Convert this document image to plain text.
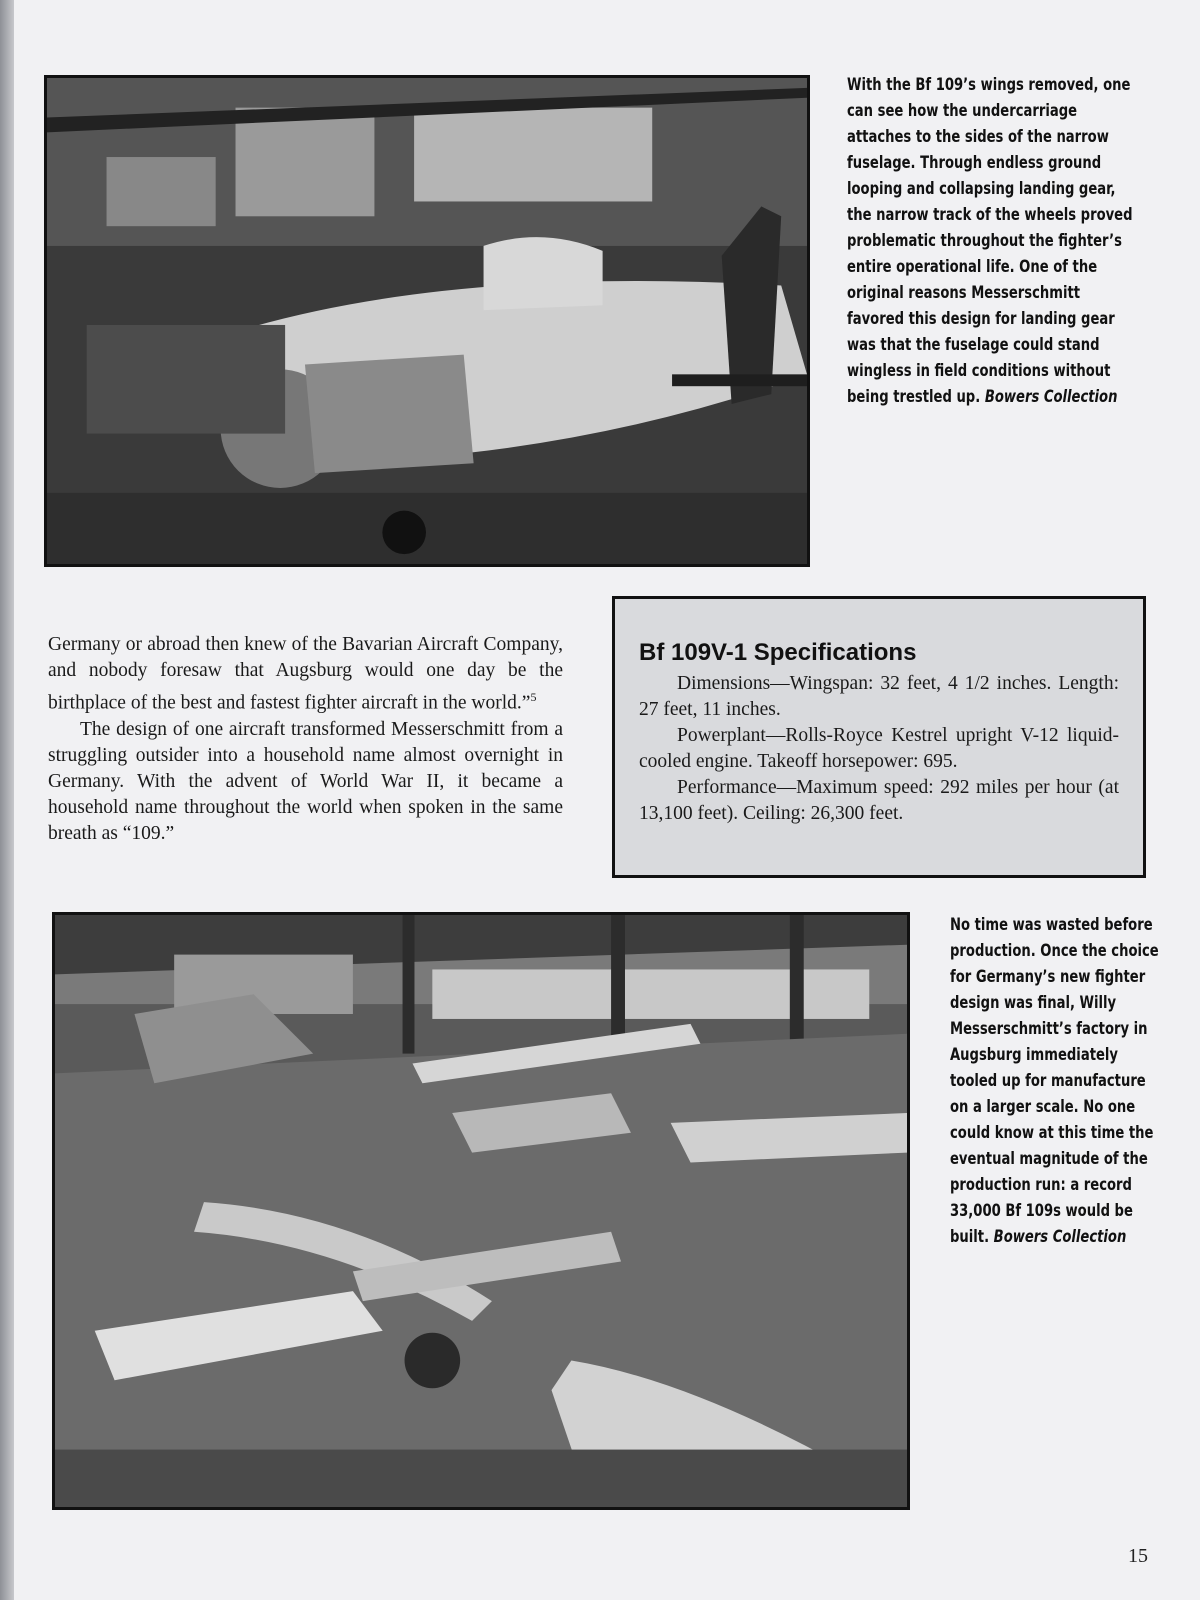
With the Bf 109’s wings removed, one can see how the undercarriage attaches to the sides of the narrow fuselage. Through endless ground looping and collapsing landing gear, the narrow track of the wheels proved problematic throughout the fighter’s entire operational life. One of the original reasons Messerschmitt favored this design for landing gear was that the fuselage could stand wingless in field conditions without being trestled up. Bowers Collection

Germany or abroad then knew of the Bavarian Aircraft Company, and nobody foresaw that Augsburg would one day be the birthplace of the best and fastest fighter aircraft in the world.”$^5$

The design of one aircraft transformed Messerschmitt from a struggling outsider into a household name almost overnight in Germany. With the advent of World War II, it became a household name throughout the world when spoken in the same breath as “109.”

Bf 109V-1 Specifications

Dimensions—Wingspan: 32 feet, 4 1/2 inches. Length: 27 feet, 11 inches.

Powerplant—Rolls-Royce Kestrel upright V-12 liquid-cooled engine. Takeoff horsepower: 695.

Performance—Maximum speed: 292 miles per hour (at 13,100 feet). Ceiling: 26,300 feet.

No time was wasted before production. Once the choice for Germany’s new fighter design was final, Willy Messerschmitt’s factory in Augsburg immediately tooled up for manufacture on a larger scale. No one could know at this time the eventual magnitude of the production run: a record 33,000 Bf 109s would be built. Bowers Collection
15
